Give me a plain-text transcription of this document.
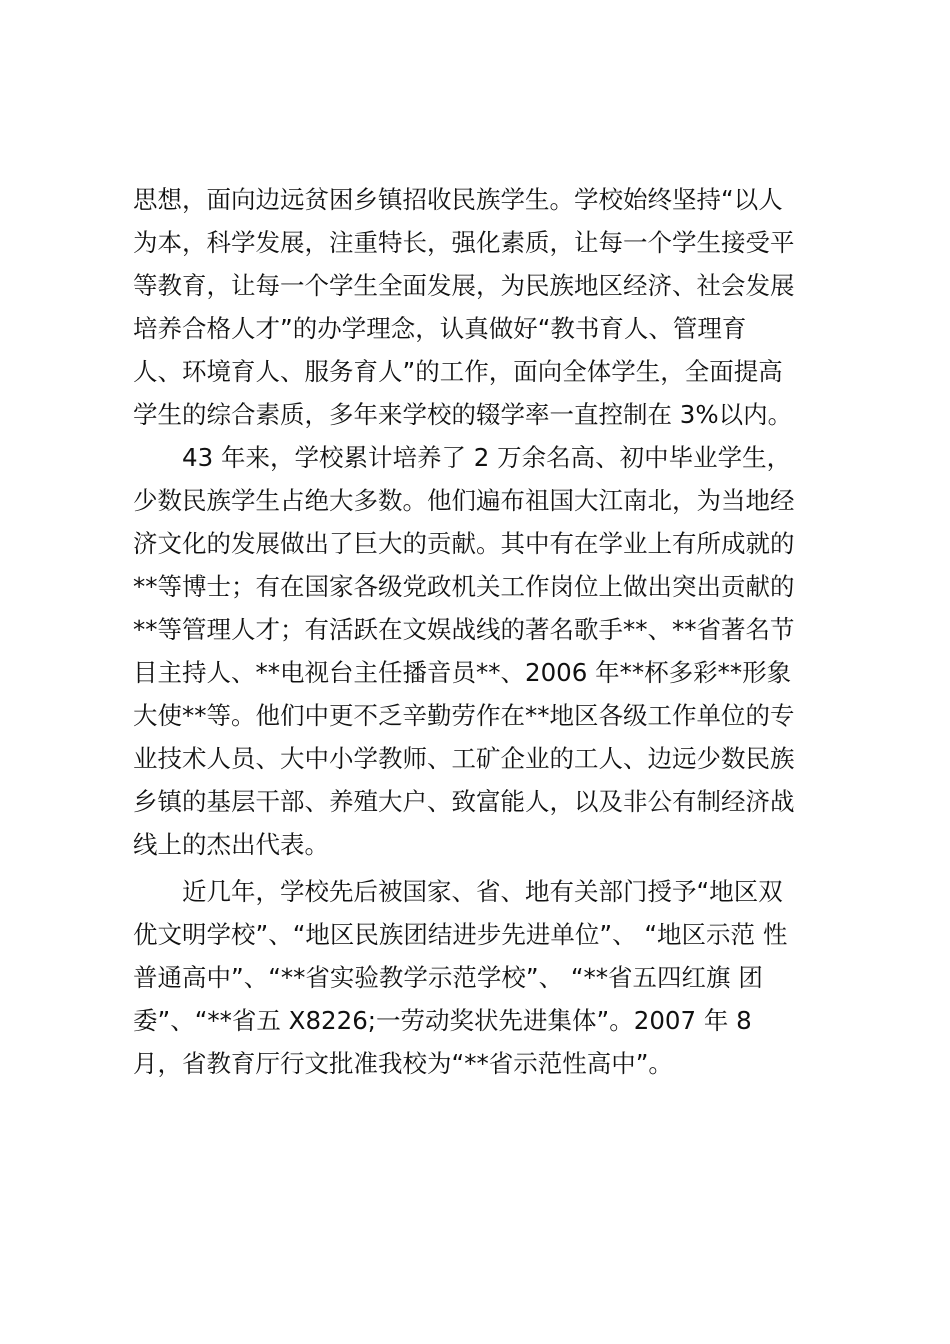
思想，面向边远贫困乡镇招收民族学生。学校始终坚持“以人
为本，科学发展，注重特长，强化素质，让每一个学生接受平
等教育，让每一个学生全面发展，为民族地区经济、社会发展
培养合格人才”的办学理念，认真做好“教书育人、管理育
人、环境育人、服务育人”的工作，面向全体学生，全面提高
学生的综合素质，多年来学校的辍学率一直控制在 3%以内。
43 年来，学校累计培养了 2 万余名高、初中毕业学生，
少数民族学生占绝大多数。他们遍布祖国大江南北，为当地经
济文化的发展做出了巨大的贡献。其中有在学业上有所成就的
**等博士；有在国家各级党政机关工作岗位上做出突出贡献的
**等管理人才；有活跃在文娱战线的著名歌手**、**省著名节
目主持人、**电视台主任播音员**、2006 年**杯多彩**形象
大使**等。他们中更不乏辛勤劳作在**地区各级工作单位的专
业技术人员、大中小学教师、工矿企业的工人、边远少数民族
乡镇的基层干部、养殖大户、致富能人，以及非公有制经济战
线上的杰出代表。
近几年，学校先后被国家、省、地有关部门授予“地区双
优文明学校”、“地区民族团结进步先进单位”、 “地区示范 性
普通高中”、“**省实验教学示范学校”、 “**省五四红旗 团
委”、“**省五 X8226;一劳动奖状先进集体”。2007 年 8
月，省教育厅行文批准我校为“**省示范性高中”。
